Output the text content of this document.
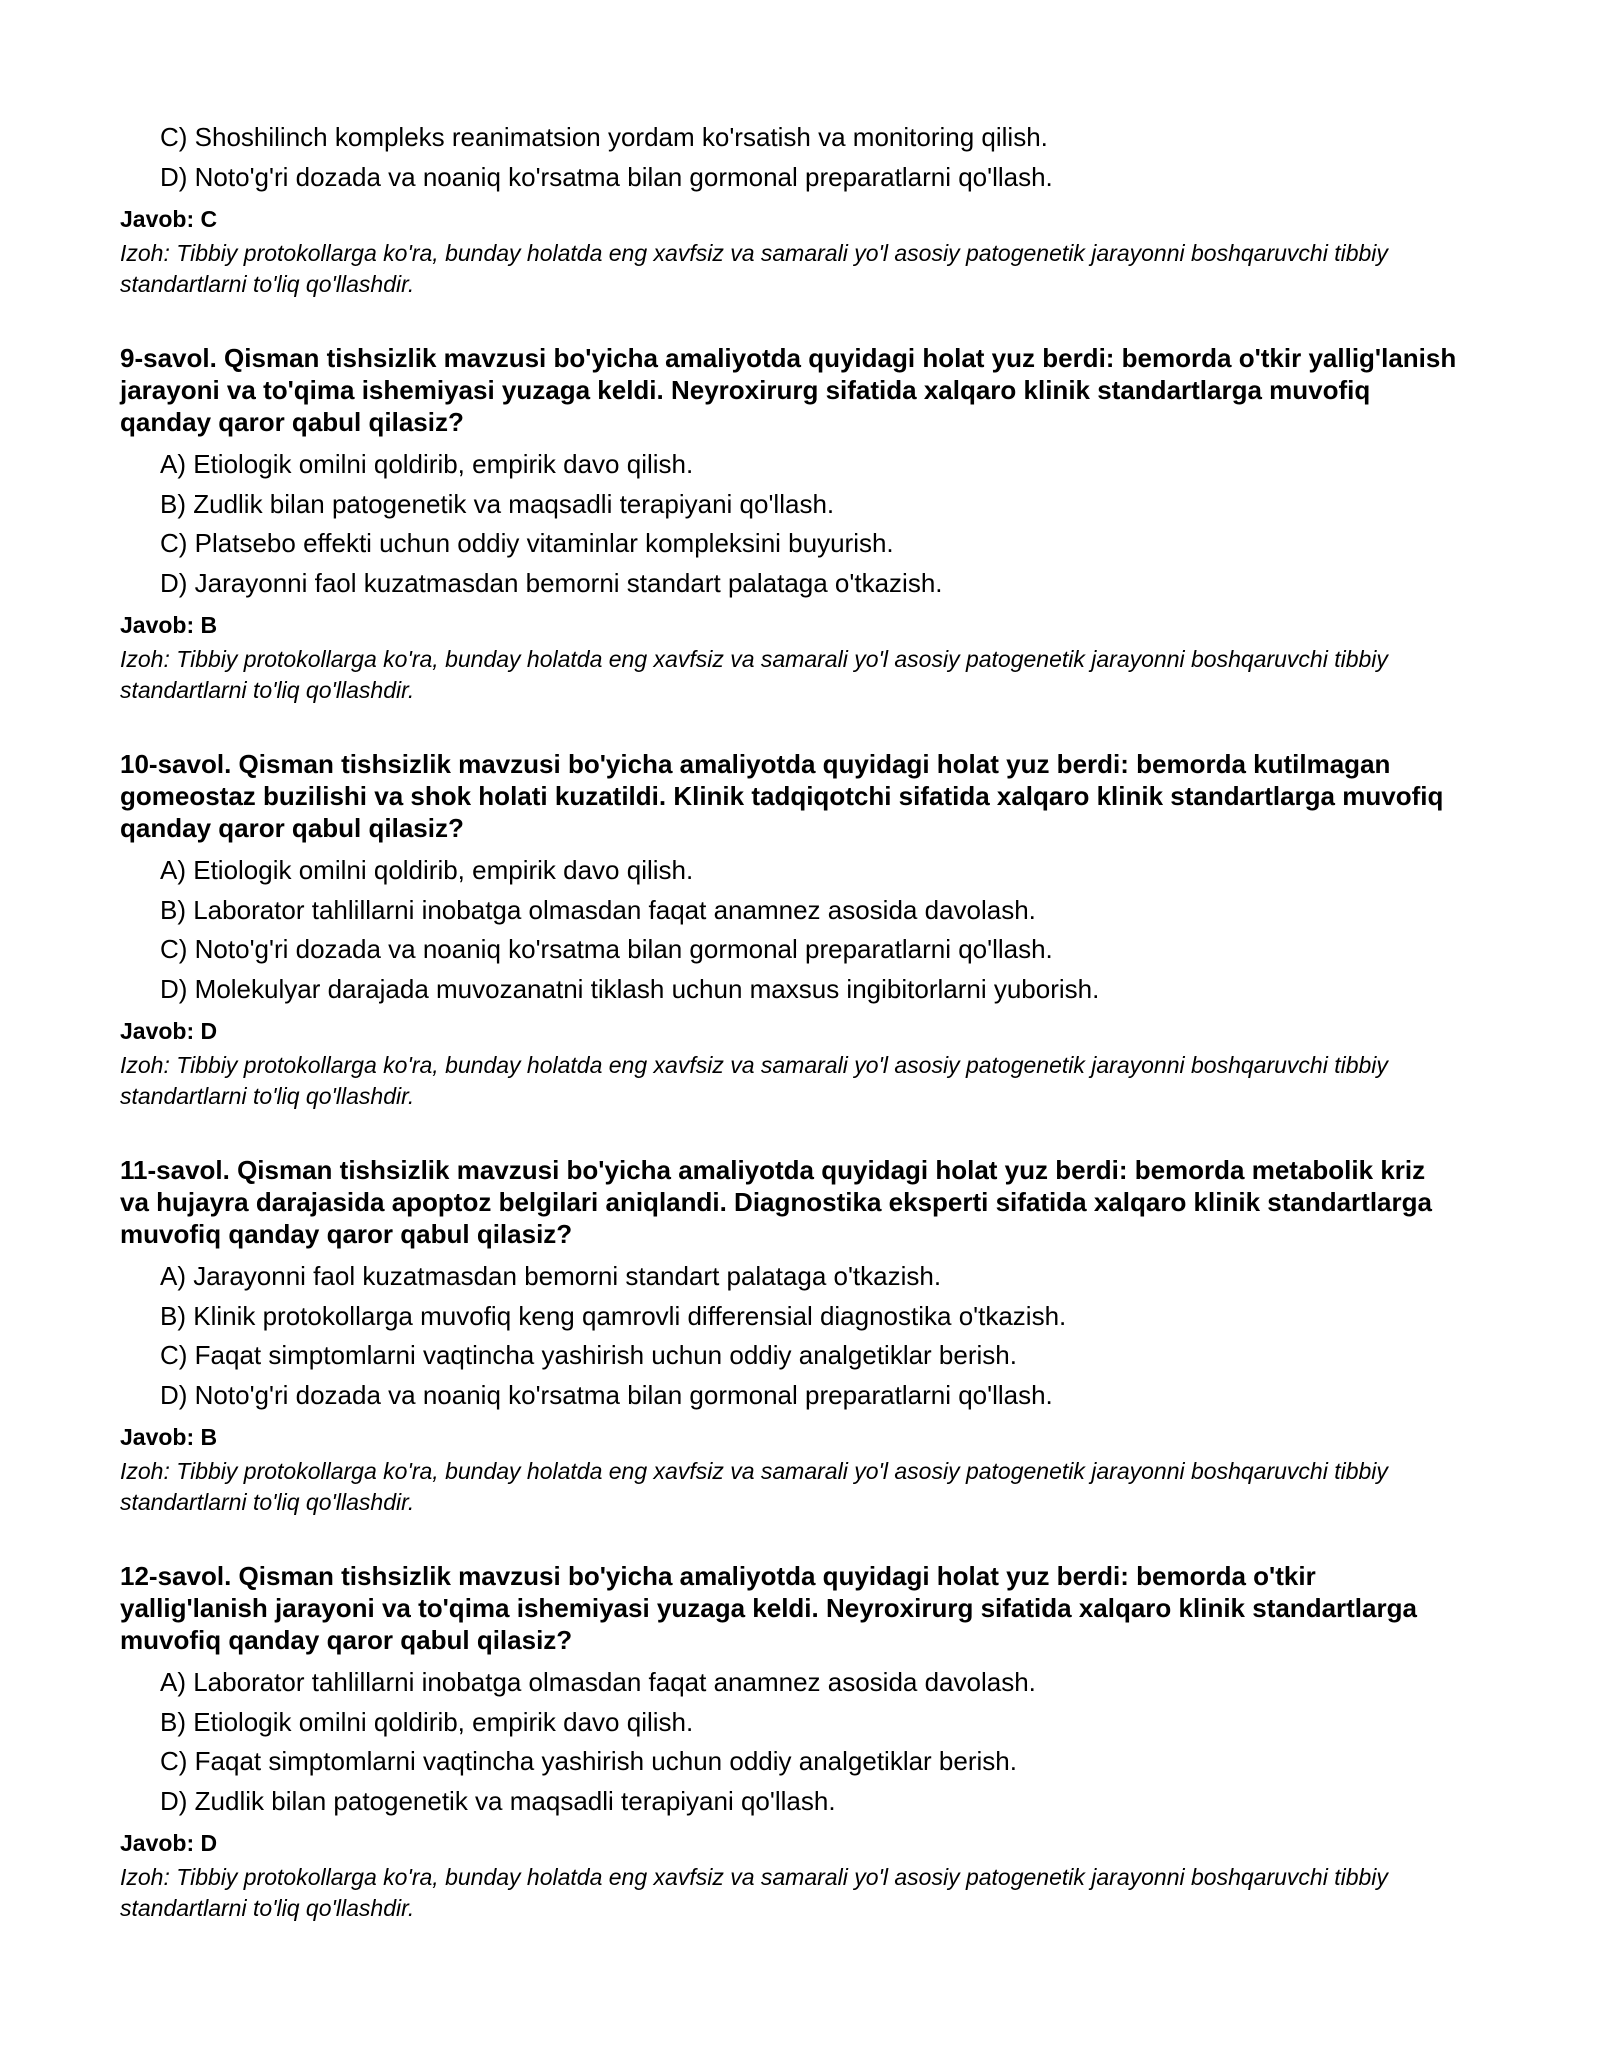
C) Shoshilinch kompleks reanimatsion yordam ko'rsatish va monitoring qilish.
D) Noto'g'ri dozada va noaniq ko'rsatma bilan gormonal preparatlarni qo'llash.
Javob: C
Izoh: Tibbiy protokollarga ko'ra, bunday holatda eng xavfsiz va samarali yo'l asosiy patogenetik jarayonni boshqaruvchi tibbiy standartlarni to'liq qo'llashdir.
9-savol. Qisman tishsizlik mavzusi bo'yicha amaliyotda quyidagi holat yuz berdi: bemorda o'tkir yallig'lanish jarayoni va to'qima ishemiyasi yuzaga keldi. Neyroxirurg sifatida xalqaro klinik standartlarga muvofiq qanday qaror qabul qilasiz?
A) Etiologik omilni qoldirib, empirik davo qilish.
B) Zudlik bilan patogenetik va maqsadli terapiyani qo'llash.
C) Platsebo effekti uchun oddiy vitaminlar kompleksini buyurish.
D) Jarayonni faol kuzatmasdan bemorni standart palataga o'tkazish.
Javob: B
Izoh: Tibbiy protokollarga ko'ra, bunday holatda eng xavfsiz va samarali yo'l asosiy patogenetik jarayonni boshqaruvchi tibbiy standartlarni to'liq qo'llashdir.
10-savol. Qisman tishsizlik mavzusi bo'yicha amaliyotda quyidagi holat yuz berdi: bemorda kutilmagan gomeostaz buzilishi va shok holati kuzatildi. Klinik tadqiqotchi sifatida xalqaro klinik standartlarga muvofiq qanday qaror qabul qilasiz?
A) Etiologik omilni qoldirib, empirik davo qilish.
B) Laborator tahlillarni inobatga olmasdan faqat anamnez asosida davolash.
C) Noto'g'ri dozada va noaniq ko'rsatma bilan gormonal preparatlarni qo'llash.
D) Molekulyar darajada muvozanatni tiklash uchun maxsus ingibitorlarni yuborish.
Javob: D
Izoh: Tibbiy protokollarga ko'ra, bunday holatda eng xavfsiz va samarali yo'l asosiy patogenetik jarayonni boshqaruvchi tibbiy standartlarni to'liq qo'llashdir.
11-savol. Qisman tishsizlik mavzusi bo'yicha amaliyotda quyidagi holat yuz berdi: bemorda metabolik kriz va hujayra darajasida apoptoz belgilari aniqlandi. Diagnostika eksperti sifatida xalqaro klinik standartlarga muvofiq qanday qaror qabul qilasiz?
A) Jarayonni faol kuzatmasdan bemorni standart palataga o'tkazish.
B) Klinik protokollarga muvofiq keng qamrovli differensial diagnostika o'tkazish.
C) Faqat simptomlarni vaqtincha yashirish uchun oddiy analgetiklar berish.
D) Noto'g'ri dozada va noaniq ko'rsatma bilan gormonal preparatlarni qo'llash.
Javob: B
Izoh: Tibbiy protokollarga ko'ra, bunday holatda eng xavfsiz va samarali yo'l asosiy patogenetik jarayonni boshqaruvchi tibbiy standartlarni to'liq qo'llashdir.
12-savol. Qisman tishsizlik mavzusi bo'yicha amaliyotda quyidagi holat yuz berdi: bemorda o'tkir yallig'lanish jarayoni va to'qima ishemiyasi yuzaga keldi. Neyroxirurg sifatida xalqaro klinik standartlarga muvofiq qanday qaror qabul qilasiz?
A) Laborator tahlillarni inobatga olmasdan faqat anamnez asosida davolash.
B) Etiologik omilni qoldirib, empirik davo qilish.
C) Faqat simptomlarni vaqtincha yashirish uchun oddiy analgetiklar berish.
D) Zudlik bilan patogenetik va maqsadli terapiyani qo'llash.
Javob: D
Izoh: Tibbiy protokollarga ko'ra, bunday holatda eng xavfsiz va samarali yo'l asosiy patogenetik jarayonni boshqaruvchi tibbiy standartlarni to'liq qo'llashdir.
